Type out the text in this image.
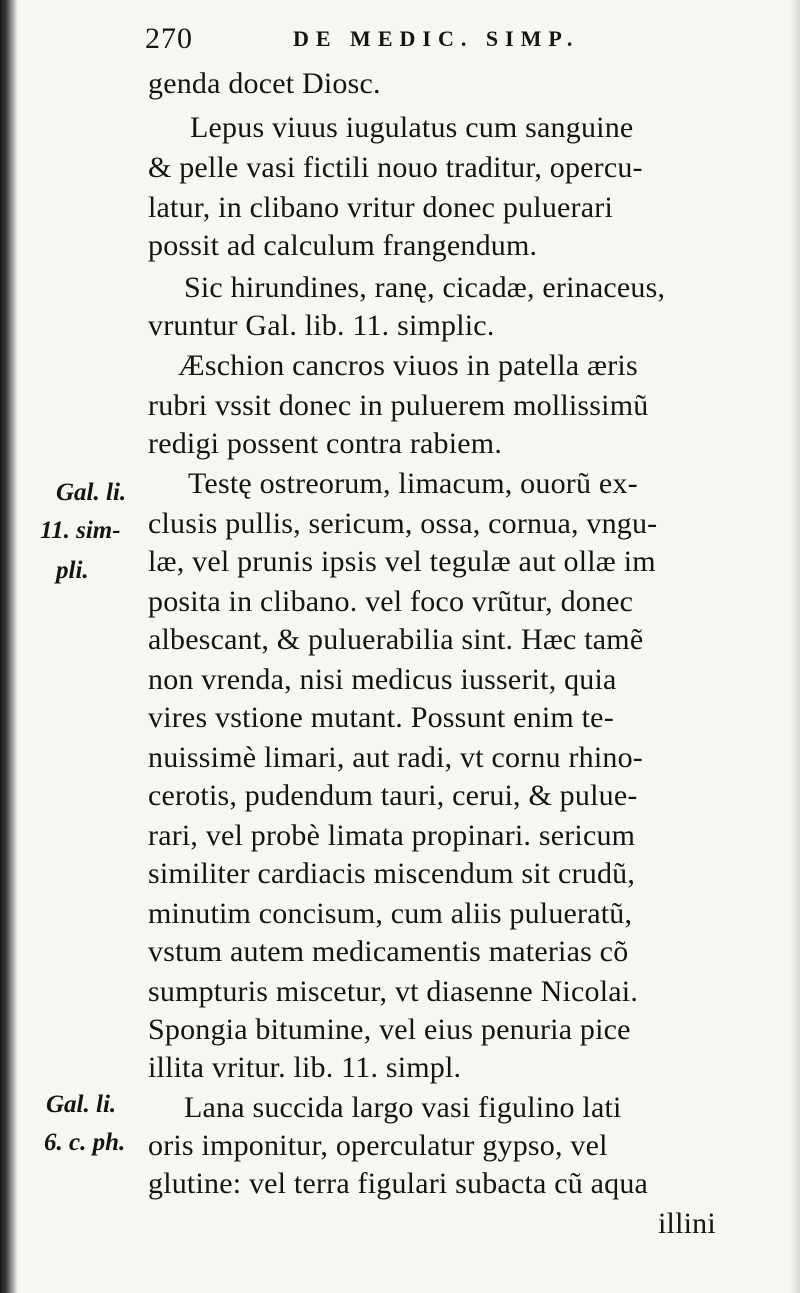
270	DE MEDIC. SIMP.
Gal. li.
11. sim-
pli.
Gal. li.
6. c. ph.
genda docet Diosc.
Lepus viuus iugulatus cum sanguine
& pelle vasi fictili nouo traditur, opercu-
latur, in clibano vritur donec puluerari
possit ad calculum frangendum.
Sic hirundines, ranę, cicadæ, erinaceus,
vruntur Gal. lib. 11. simplic.
Æschion cancros viuos in patella æris
rubri vssit donec in puluerem mollissimũ
redigi possent contra rabiem.
Testę ostreorum, limacum, ouorũ ex-
clusis pullis, sericum, ossa, cornua, vngu-
læ, vel prunis ipsis vel tegulæ aut ollæ im
posita in clibano. vel foco vrũtur, donec
albescant, & puluerabilia sint. Hæc tamẽ
non vrenda, nisi medicus iusserit, quia
vires vstione mutant. Possunt enim te-
nuissimè limari, aut radi, vt cornu rhino-
cerotis, pudendum tauri, cerui, & pulue-
rari, vel probè limata propinari. sericum
similiter cardiacis miscendum sit crudũ,
minutim concisum, cum aliis pulueratũ,
vstum autem medicamentis materias cõ
sumpturis miscetur, vt diasenne Nicolai.
Spongia bitumine, vel eius penuria pice
illita vritur. lib. 11. simpl.
Lana succida largo vasi figulino lati
oris imponitur, operculatur gypso, vel
glutine: vel terra figulari subacta cũ aqua
illini
